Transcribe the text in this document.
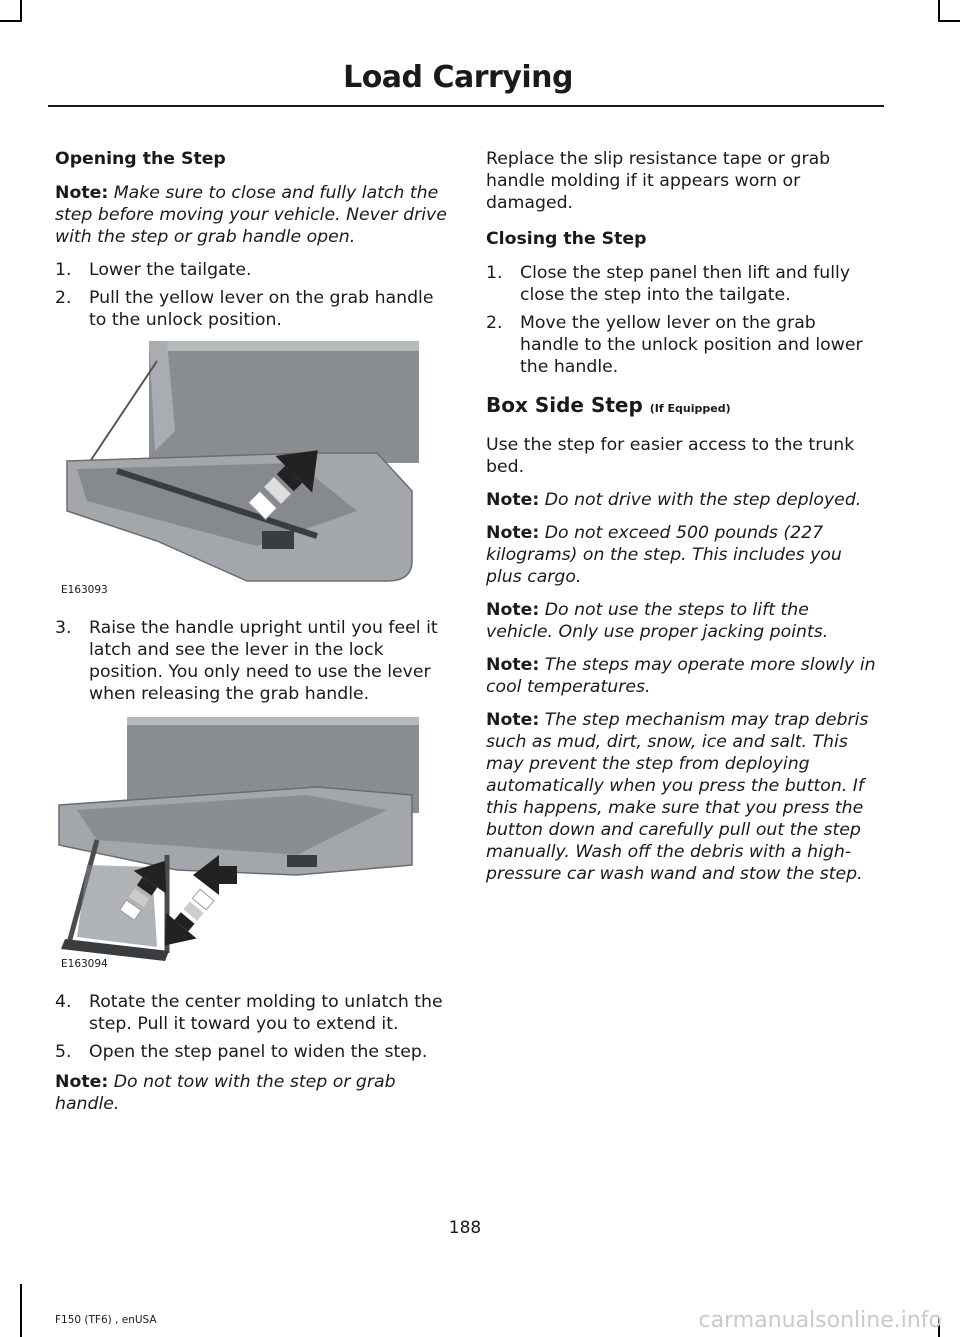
Load Carrying
Opening the Step

Note: Make sure to close and fully latch the step before moving your vehicle. Never drive with the step or grab handle open.

1.	Lower the tailgate.
2.	Pull the yellow lever on the grab handle to the unlock position.
E163093
3.	Raise the handle upright until you feel it latch and see the lever in the lock position. You only need to use the lever when releasing the grab handle.
E163094
4.	Rotate the center molding to unlatch the step. Pull it toward you to extend it.
5.	Open the step panel to widen the step.

Note: Do not tow with the step or grab handle.

Replace the slip resistance tape or grab handle molding if it appears worn or damaged.

Closing the Step
1.	Close the step panel then lift and fully close the step into the tailgate.
2.	Move the yellow lever on the grab handle to the unlock position and lower the handle.
Box Side Step (If Equipped)

Use the step for easier access to the trunk bed.

Note: Do not drive with the step deployed.

Note: Do not exceed 500 pounds (227 kilograms) on the step. This includes you plus cargo.

Note: Do not use the steps to lift the vehicle. Only use proper jacking points.

Note: The steps may operate more slowly in cool temperatures.

Note: The step mechanism may trap debris such as mud, dirt, snow, ice and salt. This may prevent the step from deploying automatically when you press the button. If this happens, make sure that you press the button down and carefully pull out the step manually. Wash off the debris with a high-pressure car wash wand and stow the step.

188
F150 (TF6) , enUSA	carmanualsonline.info
